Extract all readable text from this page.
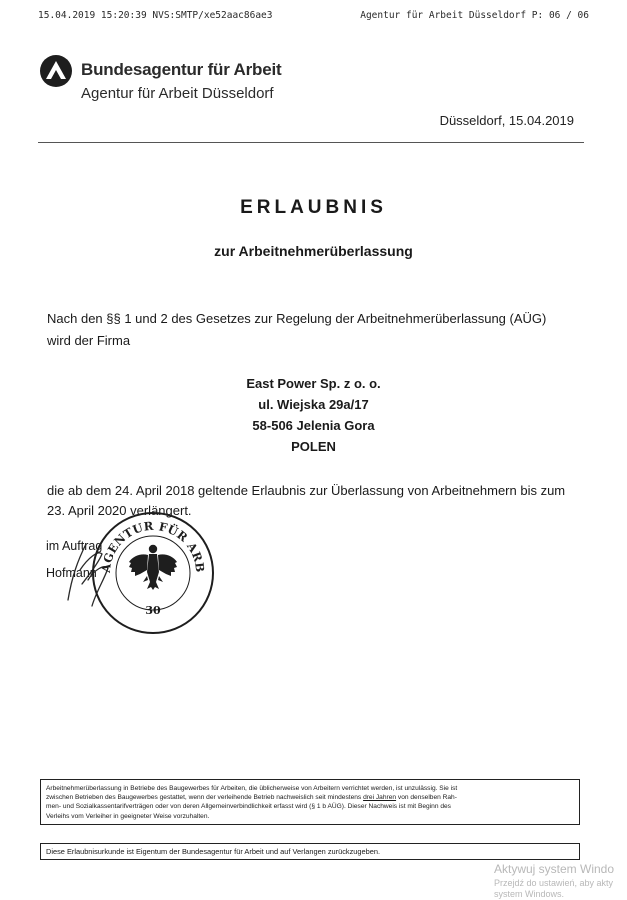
15.04.2019 15:20:39 NVS:SMTP/xe52aac86ae3	Agentur für Arbeit Düsseldorf P: 06 / 06
Bundesagentur für Arbeit
Agentur für Arbeit Düsseldorf
Düsseldorf, 15.04.2019
ERLAUBNIS
zur Arbeitnehmerüberlassung
Nach den §§ 1 und 2 des Gesetzes zur Regelung der Arbeitnehmerüberlassung (AÜG)
wird der Firma
East Power Sp. z o. o.
ul. Wiejska 29a/17
58-506 Jelenia Gora
POLEN
die ab dem 24. April 2018 geltende Erlaubnis zur Überlassung von Arbeitnehmern bis zum
23. April 2020 verlängert.
im Auftrag
Hofmann AGENTUR FÜR ARB
30
Arbeitnehmerüberlassung in Betriebe des Baugewerbes für Arbeiten, die üblicherweise von Arbeitern verrichtet werden, ist unzulässig. Sie ist
zwischen Betrieben des Baugewerbes gestattet, wenn der verleihende Betrieb nachweislich seit mindestens drei Jahren von denselben Rah-
men- und Sozialkassentarifverträgen oder von deren Allgemeinverbindlichkeit erfasst wird (§ 1 b AÜG). Dieser Nachweis ist mit Beginn des
Verleihs vom Verleiher in geeigneter Weise vorzuhalten.
Diese Erlaubnisurkunde ist Eigentum der Bundesagentur für Arbeit und auf Verlangen zurückzugeben.
Aktywuj system Windo
Przejdź do ustawień, aby akty
system Windows.
